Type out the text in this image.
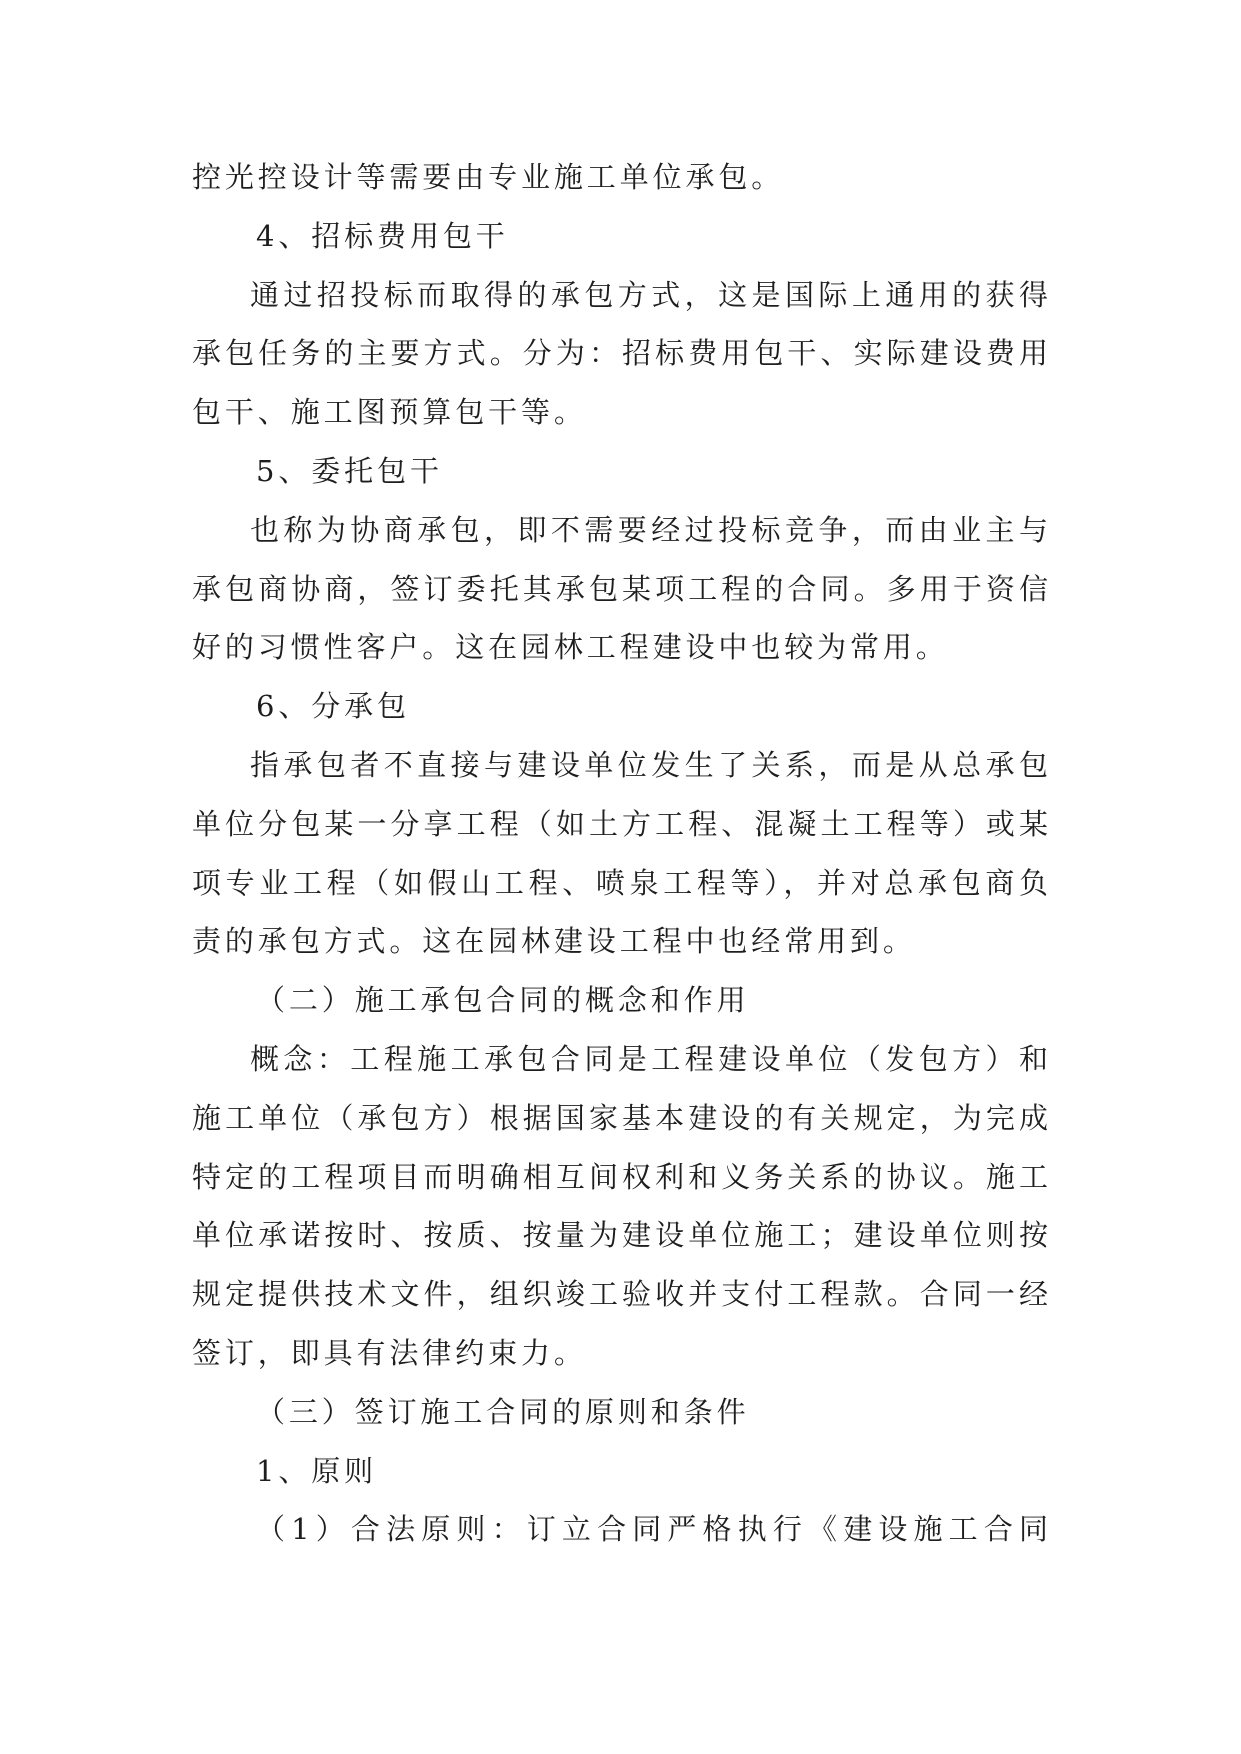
控光控设计等需要由专业施工单位承包。
4、招标费用包干
通过招投标而取得的承包方式，这是国际上通用的获得
承包任务的主要方式。分为：招标费用包干、实际建设费用
包干、施工图预算包干等。
5、委托包干
也称为协商承包，即不需要经过投标竞争，而由业主与
承包商协商，签订委托其承包某项工程的合同。多用于资信
好的习惯性客户。这在园林工程建设中也较为常用。
6、分承包
指承包者不直接与建设单位发生了关系，而是从总承包
单位分包某一分享工程（如土方工程、混凝土工程等）或某
项专业工程（如假山工程、喷泉工程等），并对总承包商负
责的承包方式。这在园林建设工程中也经常用到。
（二）施工承包合同的概念和作用
概念：工程施工承包合同是工程建设单位（发包方）和
施工单位（承包方）根据国家基本建设的有关规定，为完成
特定的工程项目而明确相互间权利和义务关系的协议。施工
单位承诺按时、按质、按量为建设单位施工；建设单位则按
规定提供技术文件，组织竣工验收并支付工程款。合同一经
签订，即具有法律约束力。
（三）签订施工合同的原则和条件
1、原则
（1）合法原则：订立合同严格执行《建设施工合同
